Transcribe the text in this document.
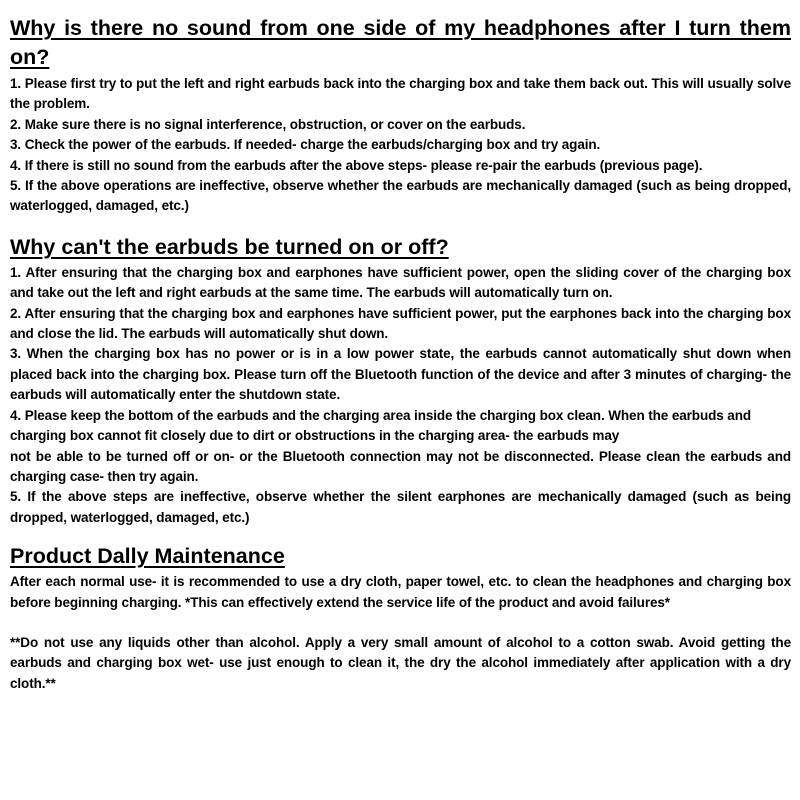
Why is there no sound from one side of my headphones after I turn them on?

1. Please first try to put the left and right earbuds back into the charging box and take them back out. This will usually solve the problem.

2. Make sure there is no signal interference, obstruction, or cover on the earbuds.

3. Check the power of the earbuds. If needed- charge the earbuds/charging box and try again.

4. If there is still no sound from the earbuds after the above steps- please re-pair the earbuds (previous page).

5. If the above operations are ineffective, observe whether the earbuds are mechanically damaged (such as being dropped, waterlogged, damaged, etc.)

Why can't the earbuds be turned on or off?

1. After ensuring that the charging box and earphones have sufficient power, open the sliding cover of the charging box and take out the left and right earbuds at the same time. The earbuds will automatically turn on.

2. After ensuring that the charging box and earphones have sufficient power, put the earphones back into the charging box and close the lid. The earbuds will automatically shut down.

3. When the charging box has no power or is in a low power state, the earbuds cannot automatically shut down when placed back into the charging box. Please turn off the Bluetooth function of the device and after 3 minutes of charging- the earbuds will automatically enter the shutdown state.

4. Please keep the bottom of the earbuds and the charging area inside the charging box clean. When the earbuds and charging box cannot fit closely due to dirt or obstructions in the charging area- the earbuds may

not be able to be turned off or on- or the Bluetooth connection may not be disconnected. Please clean the earbuds and charging case- then try again.

5. If the above steps are ineffective, observe whether the silent earphones are mechanically damaged (such as being dropped, waterlogged, damaged, etc.)

Product Dally Maintenance

After each normal use- it is recommended to use a dry cloth, paper towel, etc. to clean the headphones and charging box before beginning charging. *This can effectively extend the service life of the product and avoid failures*

**Do not use any liquids other than alcohol. Apply a very small amount of alcohol to a cotton swab. Avoid getting the earbuds and charging box wet- use just enough to clean it, the dry the alcohol immediately after application with a dry cloth.**
